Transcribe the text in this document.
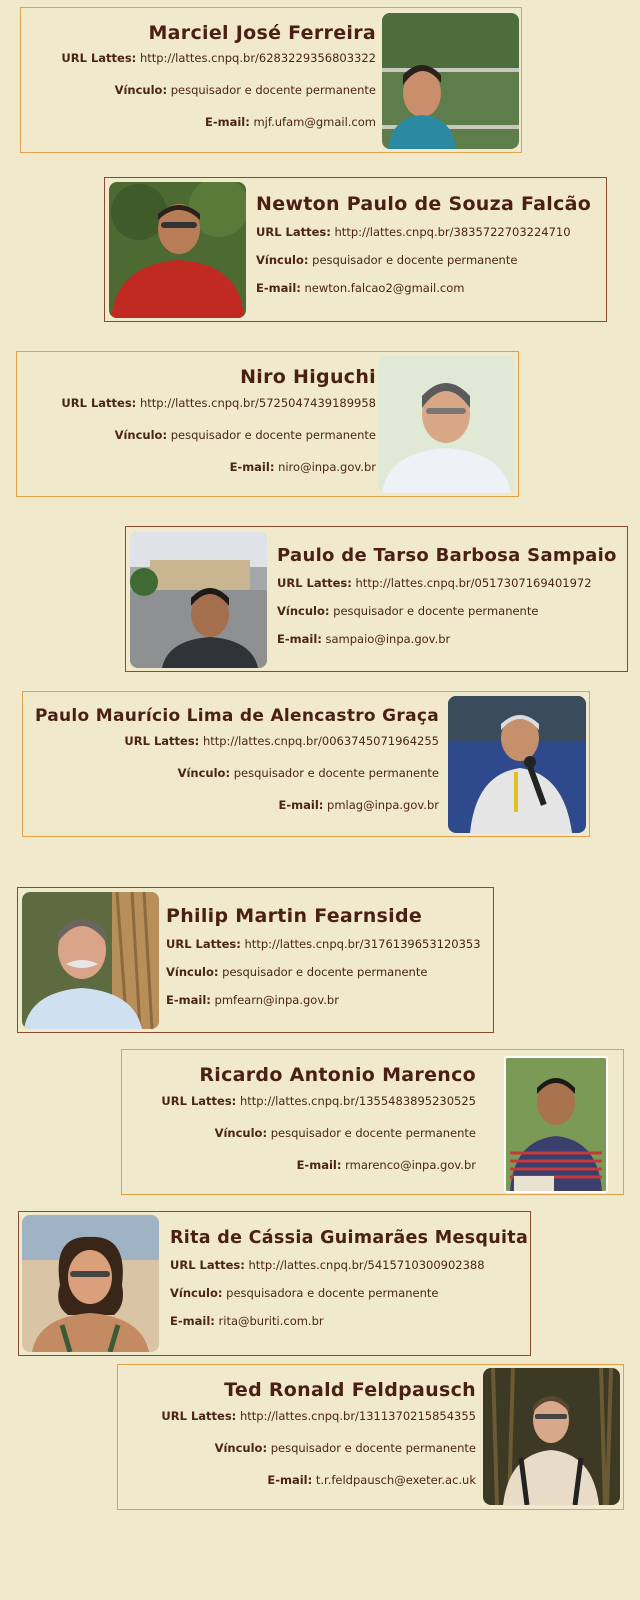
Marciel José Ferreira

URL Lattes: http://lattes.cnpq.br/6283229356803322

Vínculo: pesquisador e docente permanente

E-mail: mjf.ufam@gmail.com

Newton Paulo de Souza Falcão

URL Lattes: http://lattes.cnpq.br/3835722703224710

Vínculo: pesquisador e docente permanente

E-mail: newton.falcao2@gmail.com

Niro Higuchi

URL Lattes: http://lattes.cnpq.br/5725047439189958

Vínculo: pesquisador e docente permanente

E-mail: niro@inpa.gov.br

Paulo de Tarso Barbosa Sampaio

URL Lattes: http://lattes.cnpq.br/0517307169401972

Vínculo: pesquisador e docente permanente

E-mail: sampaio@inpa.gov.br

Paulo Maurício Lima de Alencastro Graça

URL Lattes: http://lattes.cnpq.br/0063745071964255

Vínculo: pesquisador e docente permanente

E-mail: pmlag@inpa.gov.br

Philip Martin Fearnside

URL Lattes: http://lattes.cnpq.br/3176139653120353

Vínculo: pesquisador e docente permanente

E-mail: pmfearn@inpa.gov.br

Ricardo Antonio Marenco

URL Lattes: http://lattes.cnpq.br/1355483895230525

Vínculo: pesquisador e docente permanente

E-mail: rmarenco@inpa.gov.br

Rita de Cássia Guimarães Mesquita

URL Lattes: http://lattes.cnpq.br/5415710300902388

Vínculo: pesquisadora e docente permanente

E-mail: rita@buriti.com.br

Ted Ronald Feldpausch

URL Lattes: http://lattes.cnpq.br/1311370215854355

Vínculo: pesquisador e docente permanente

E-mail: t.r.feldpausch@exeter.ac.uk
